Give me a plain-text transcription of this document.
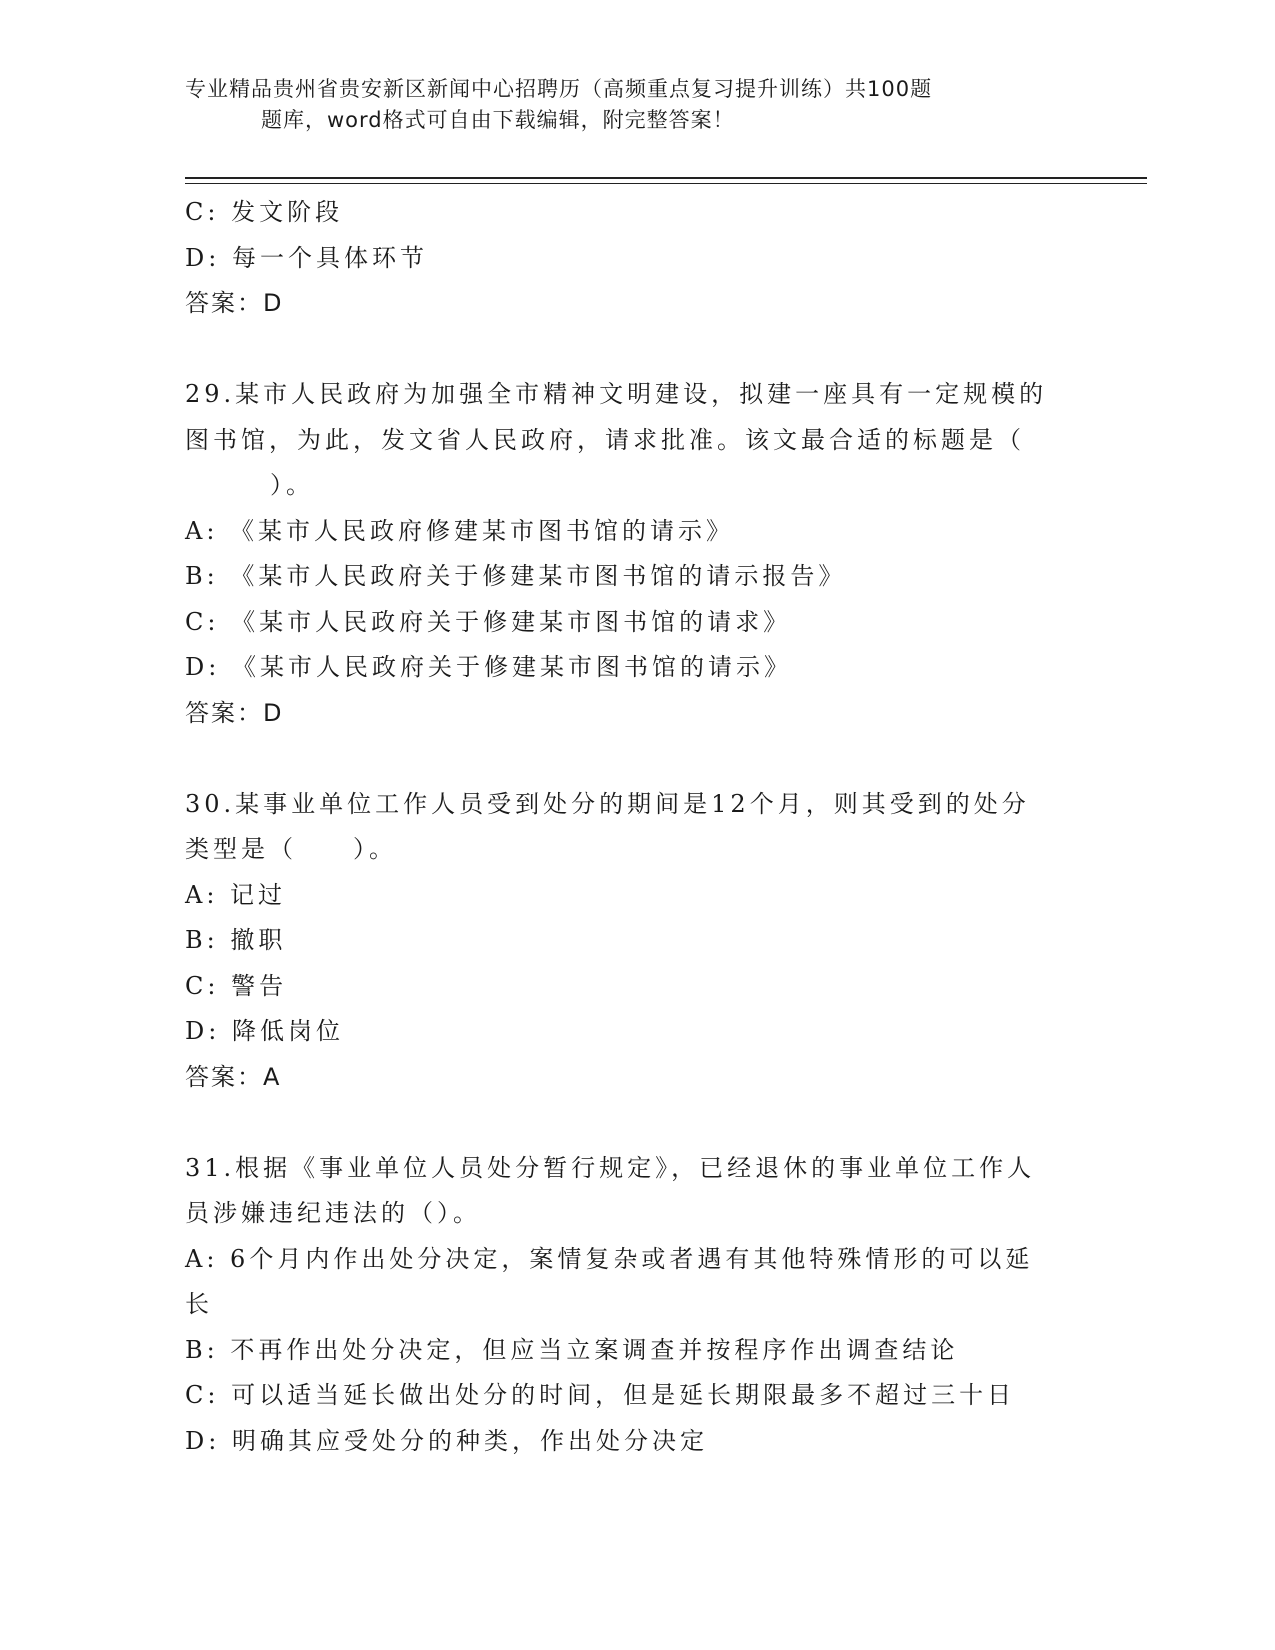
专业精品贵州省贵安新区新闻中心招聘历（高频重点复习提升训练）共100题
题库，word格式可自由下载编辑，附完整答案！
C: 发文阶段
D: 每一个具体环节
答案：D
29.某市人民政府为加强全市精神文明建设，拟建一座具有一定规模的
图书馆，为此，发文省人民政府，请求批准。该文最合适的标题是（
）。
A: 《某市人民政府修建某市图书馆的请示》
B: 《某市人民政府关于修建某市图书馆的请示报告》
C: 《某市人民政府关于修建某市图书馆的请求》
D: 《某市人民政府关于修建某市图书馆的请示》
答案：D
30.某事业单位工作人员受到处分的期间是12个月，则其受到的处分
类型是（　　）。
A: 记过
B: 撤职
C: 警告
D: 降低岗位
答案：A
31.根据《事业单位人员处分暂行规定》，已经退休的事业单位工作人
员涉嫌违纪违法的（）。
A: 6个月内作出处分决定，案情复杂或者遇有其他特殊情形的可以延
长
B: 不再作出处分决定，但应当立案调查并按程序作出调查结论
C: 可以适当延长做出处分的时间，但是延长期限最多不超过三十日
D: 明确其应受处分的种类，作出处分决定
